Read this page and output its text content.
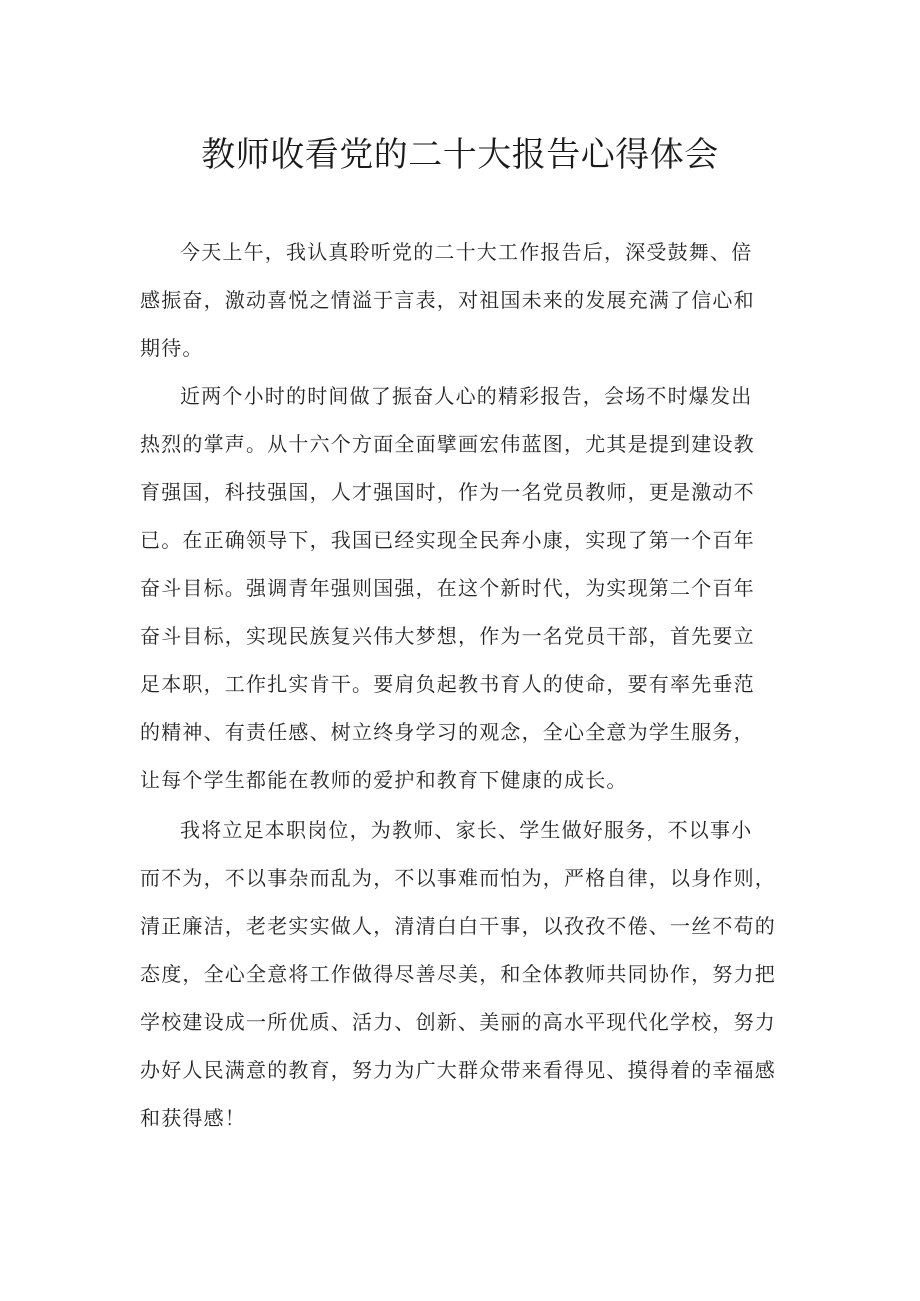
教师收看党的二十大报告心得体会

今天上午，我认真聆听党的二十大工作报告后，深受鼓舞、倍
感振奋，激动喜悦之情溢于言表，对祖国未来的发展充满了信心和
期待。

近两个小时的时间做了振奋人心的精彩报告，会场不时爆发出
热烈的掌声。从十六个方面全面擘画宏伟蓝图，尤其是提到建设教
育强国，科技强国，人才强国时，作为一名党员教师，更是激动不
已。在正确领导下，我国已经实现全民奔小康，实现了第一个百年
奋斗目标。强调青年强则国强，在这个新时代，为实现第二个百年
奋斗目标，实现民族复兴伟大梦想，作为一名党员干部，首先要立
足本职，工作扎实肯干。要肩负起教书育人的使命，要有率先垂范
的精神、有责任感、树立终身学习的观念，全心全意为学生服务，
让每个学生都能在教师的爱护和教育下健康的成长。

我将立足本职岗位，为教师、家长、学生做好服务，不以事小
而不为，不以事杂而乱为，不以事难而怕为，严格自律，以身作则，
清正廉洁，老老实实做人，清清白白干事，以孜孜不倦、一丝不苟的
态度，全心全意将工作做得尽善尽美，和全体教师共同协作，努力把
学校建设成一所优质、活力、创新、美丽的高水平现代化学校，努力
办好人民满意的教育，努力为广大群众带来看得见、摸得着的幸福感
和获得感！
